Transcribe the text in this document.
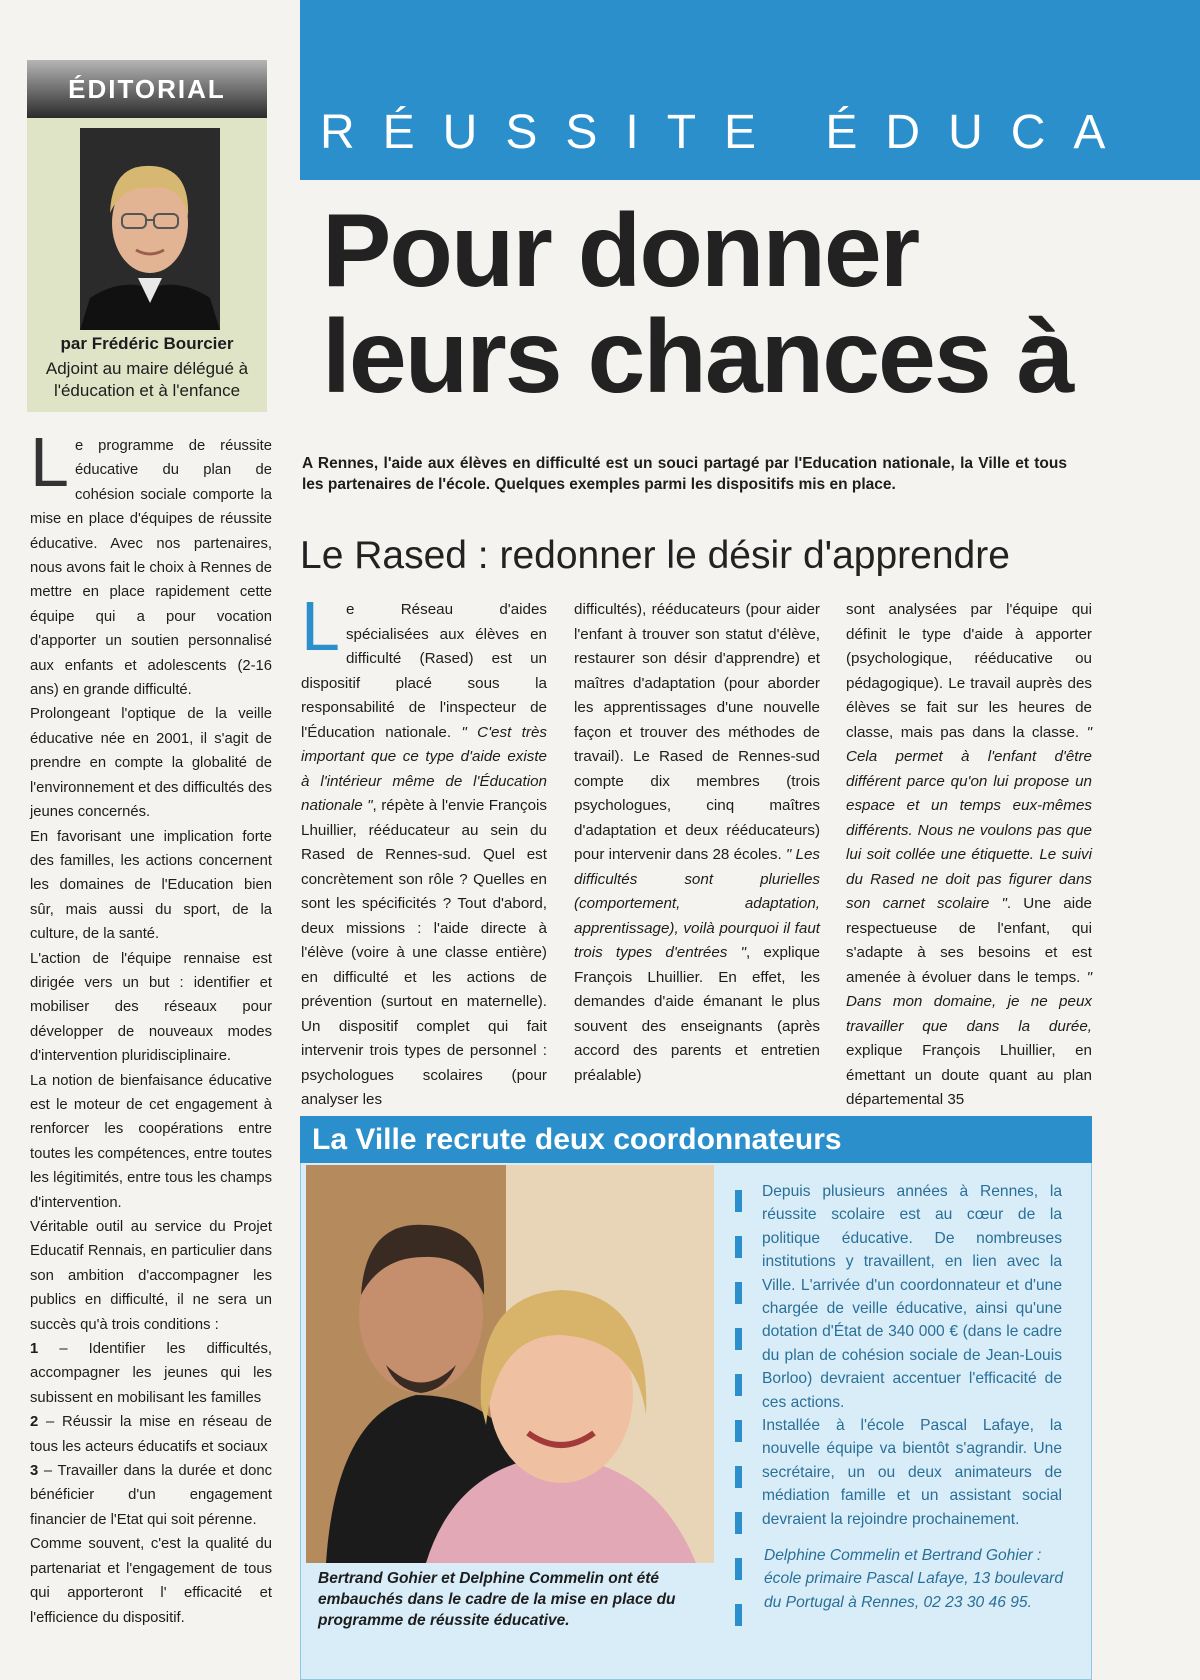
ÉDITORIAL
par Frédéric Bourcier
Adjoint au maire délégué à
l'éducation et à l'enfance

Le programme de réussite éducative du plan de cohésion sociale comporte la mise en place d'équipes de réussite éducative. Avec nos partenaires, nous avons fait le choix à Rennes de mettre en place rapidement cette équipe qui a pour vocation d'apporter un soutien personnalisé aux enfants et adolescents (2-16 ans) en grande difficulté.

Prolongeant l'optique de la veille éducative née en 2001, il s'agit de prendre en compte la globalité de l'environnement et des difficultés des jeunes concernés.

En favorisant une implication forte des familles, les actions concernent les domaines de l'Education bien sûr, mais aussi du sport, de la culture, de la santé.

L'action de l'équipe rennaise est dirigée vers un but : identifier et mobiliser des réseaux pour développer de nouveaux modes d'intervention pluridisciplinaire.

La notion de bienfaisance éducative est le moteur de cet engagement à renforcer les coopérations entre toutes les compétences, entre toutes les légitimités, entre tous les champs d'intervention.

Véritable outil au service du Projet Educatif Rennais, en particulier dans son ambition d'accompagner les publics en difficulté, il ne sera un succès qu'à trois conditions :

1 – Identifier les difficultés, accompagner les jeunes qui les subissent en mobilisant les familles

2 – Réussir la mise en réseau de tous les acteurs éducatifs et sociaux

3 – Travailler dans la durée et donc bénéficier d'un engagement financier de l'Etat qui soit pérenne.

Comme souvent, c'est la qualité du partenariat et l'engagement de tous qui apporteront l' efficacité et l'efficience du dispositif.

RÉUSSITE ÉDUCA
Pour donner
leurs chances à
A Rennes, l'aide aux élèves en difficulté est un souci partagé par l'Education nationale, la Ville et tous les partenaires de l'école. Quelques exemples parmi les dispositifs mis en place.
Le Rased : redonner le désir d'apprendre

Le Réseau d'aides spécialisées aux élèves en difficulté (Rased) est un dispositif placé sous la responsabilité de l'inspecteur de l'Éducation nationale. " C'est très important que ce type d'aide existe à l'intérieur même de l'Éducation nationale ", répète à l'envie François Lhuillier, rééducateur au sein du Rased de Rennes-sud. Quel est concrètement son rôle ? Quelles en sont les spécificités ? Tout d'abord, deux missions : l'aide directe à l'élève (voire à une classe entière) en difficulté et les actions de prévention (surtout en maternelle). Un dispositif complet qui fait intervenir trois types de personnel : psychologues scolaires (pour analyser les

difficultés), rééducateurs (pour aider l'enfant à trouver son statut d'élève, restaurer son désir d'apprendre) et maîtres d'adaptation (pour aborder les apprentissages d'une nouvelle façon et trouver des méthodes de travail). Le Rased de Rennes-sud compte dix membres (trois psychologues, cinq maîtres d'adaptation et deux rééducateurs) pour intervenir dans 28 écoles. " Les difficultés sont plurielles (comportement, adaptation, apprentissage), voilà pourquoi il faut trois types d'entrées ", explique François Lhuillier. En effet, les demandes d'aide émanant le plus souvent des enseignants (après accord des parents et entretien préalable)

sont analysées par l'équipe qui définit le type d'aide à apporter (psychologique, rééducative ou pédagogique). Le travail auprès des élèves se fait sur les heures de classe, mais pas dans la classe. " Cela permet à l'enfant d'être différent parce qu'on lui propose un espace et un temps eux-mêmes différents. Nous ne voulons pas que lui soit collée une étiquette. Le suivi du Rased ne doit pas figurer dans son carnet scolaire ". Une aide respectueuse de l'enfant, qui s'adapte à ses besoins et est amenée à évoluer dans le temps. " Dans mon domaine, je ne peux travailler que dans la durée, explique François Lhuillier, en émettant un doute quant au plan départemental 35

La Ville recrute deux coordonnateurs
Bertrand Gohier et Delphine Commelin ont été embauchés dans le cadre de la mise en place du programme de réussite éducative.

Depuis plusieurs années à Rennes, la réussite scolaire est au cœur de la politique éducative. De nombreuses institutions y travaillent, en lien avec la Ville. L'arrivée d'un coordonnateur et d'une chargée de veille éducative, ainsi qu'une dotation d'État de 340 000 € (dans le cadre du plan de cohésion sociale de Jean-Louis Borloo) devraient accentuer l'efficacité de ces actions.

Installée à l'école Pascal Lafaye, la nouvelle équipe va bientôt s'agrandir. Une secrétaire, un ou deux animateurs de médiation famille et un assistant social devraient la rejoindre prochainement.

Delphine Commelin et Bertrand Gohier : école primaire Pascal Lafaye, 13 boulevard du Portugal à Rennes, 02 23 30 46 95.
